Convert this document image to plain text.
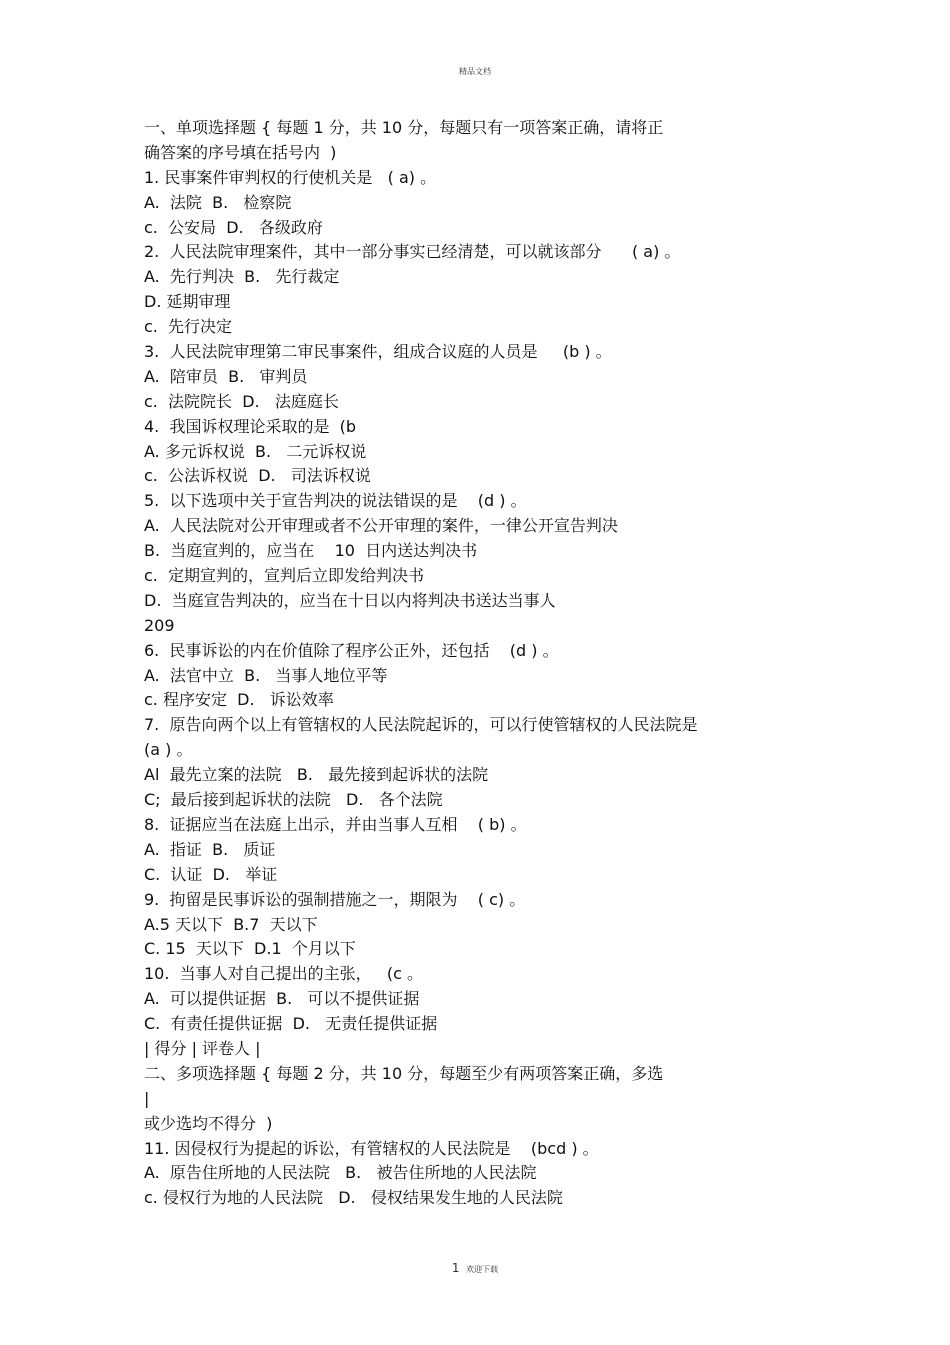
精品文档
一、单项选择题 { 每题 1 分，共 10 分，每题只有一项答案正确，请将正
确答案的序号填在括号内  )
1. 民事案件审判权的行使机关是   ( a) 。
A.  法院  B.   检察院
c.  公安局  D.   各级政府
2.  人民法院审理案件，其中一部分事实已经清楚，可以就该部分      ( a) 。
A.  先行判决  B.   先行裁定
D. 延期审理
c.  先行决定
3.  人民法院审理第二审民事案件，组成合议庭的人员是     (b ) 。
A.  陪审员  B.   审判员
c.  法院院长  D.   法庭庭长
4.  我国诉权理论采取的是  (b
A. 多元诉权说  B.   二元诉权说
c.  公法诉权说  D.   司法诉权说
5.  以下选项中关于宣告判决的说法错误的是    (d ) 。
A.  人民法院对公开审理或者不公开审理的案件，一律公开宣告判决
B.  当庭宣判的，应当在    10  日内送达判决书
c.  定期宣判的，宣判后立即发给判决书
D.  当庭宣告判决的，应当在十日以内将判决书送达当事人
209
6.  民事诉讼的内在价值除了程序公正外，还包括    (d ) 。
A.  法官中立  B.   当事人地位平等
c. 程序安定  D.   诉讼效率
7.  原告向两个以上有管辖权的人民法院起诉的，可以行使管辖权的人民法院是
(a ) 。
Al  最先立案的法院   B.   最先接到起诉状的法院
C;  最后接到起诉状的法院   D.   各个法院
8.  证据应当在法庭上出示，并由当事人互相    ( b) 。
A.  指证  B.   质证
C.  认证  D.   举证
9.  拘留是民事诉讼的强制措施之一，期限为    ( c) 。
A.5 天以下  B.7  天以下
C. 15  天以下  D.1  个月以下
10.  当事人对自己提出的主张，   (c 。
A.  可以提供证据  B.   可以不提供证据
C.  有责任提供证据  D.   无责任提供证据
| 得分 | 评卷人 |
二、多项选择题 { 每题 2 分，共 10 分，每题至少有两项答案正确，多选
|
或少选均不得分  )
11. 因侵权行为提起的诉讼，有管辖权的人民法院是    (bcd ) 。
A.  原告住所地的人民法院   B.   被告住所地的人民法院
c. 侵权行为地的人民法院   D.   侵权结果发生地的人民法院
1 欢迎下载
